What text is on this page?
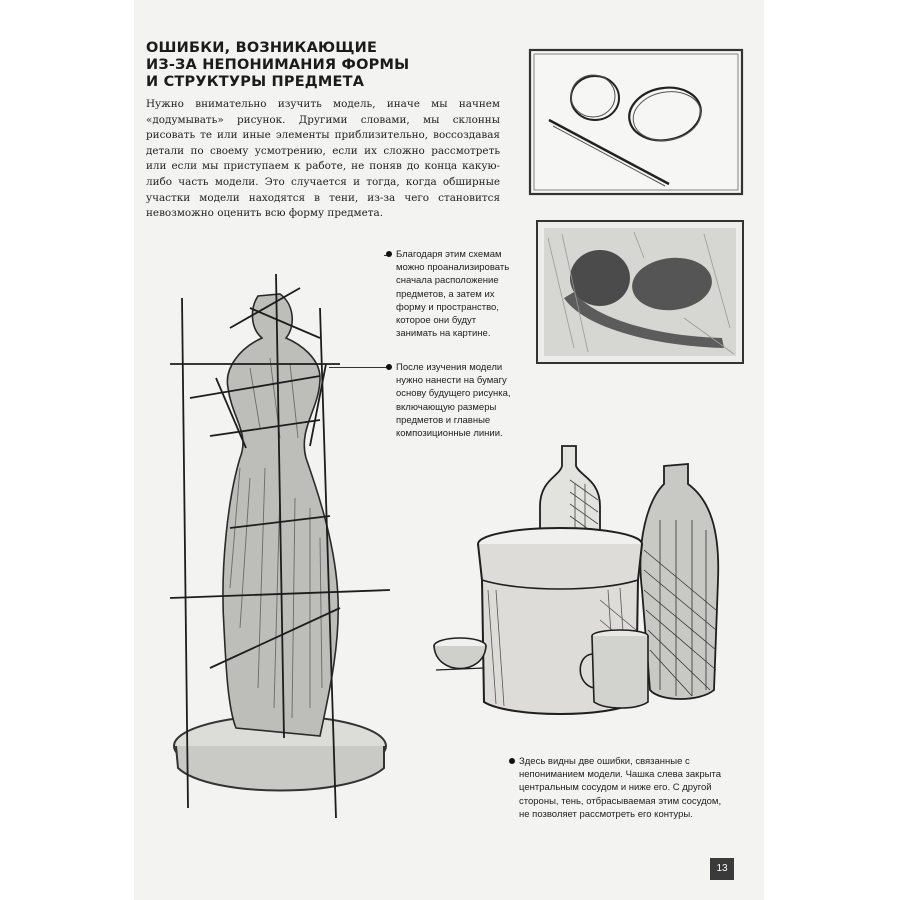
ОШИБКИ, ВОЗНИКАЮЩИЕ
ИЗ-ЗА НЕПОНИМАНИЯ ФОРМЫ
И СТРУКТУРЫ ПРЕДМЕТА
Нужно внимательно изучить модель, иначе мы начнем «додумывать» рисунок. Другими словами, мы склонны рисовать те или иные элементы приблизительно, воссоздавая детали по своему усмотрению, если их сложно рассмотреть или если мы приступаем к работе, не поняв до конца какую-либо часть модели. Это случается и тогда, когда обширные участки модели находятся в тени, из-за чего становится невозможно оценить всю форму предмета.
Благодаря этим схемам можно проанализировать сначала расположение предметов, а затем их форму и пространство, которое они будут занимать на картине.
После изучения модели нужно нанести на бумагу основу будущего рисунка, включающую размеры предметов и главные композиционные линии.
Здесь видны две ошибки, связанные с непониманием модели. Чашка слева закрыта центральным сосудом и ниже его. С другой стороны, тень, отбрасываемая этим сосудом, не позволяет рассмотреть его контуры.
13
